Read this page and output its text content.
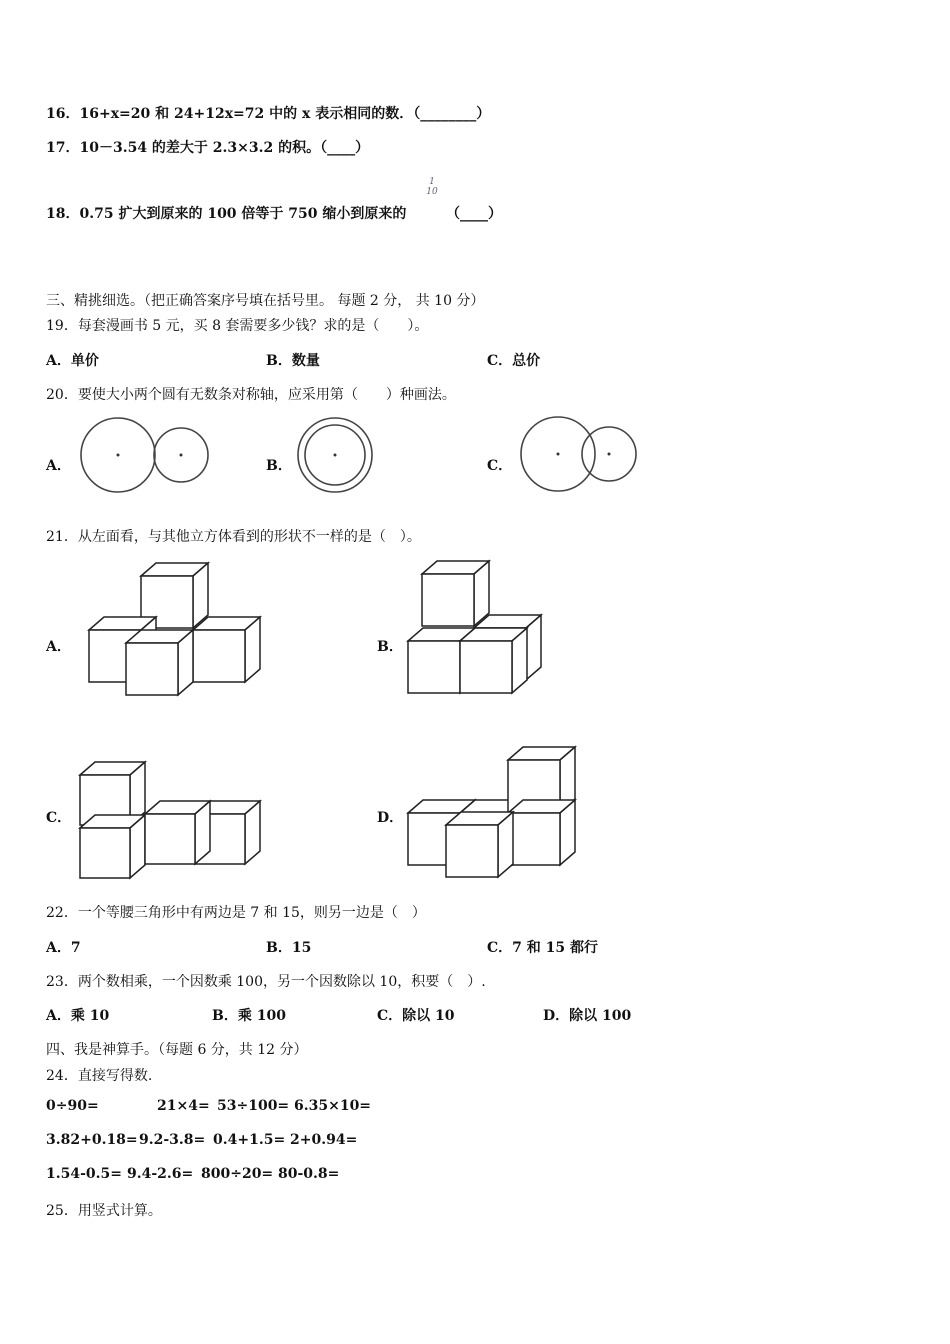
16．16+x=20 和 24+12x=72 中的 x 表示相同的数．（________）
17．10－3.54 的差大于 2.3×3.2 的积。（____）
18．0.75 扩大到原来的 100 倍等于 750 缩小到原来的
1
10
（____）
三、精挑细选。（把正确答案序号填在括号里。 每题 2 分， 共 10 分）
19．每套漫画书 5 元，买 8 套需要多少钱？求的是（　　）。
A．单价	B．数量	C．总价
20．要使大小两个圆有无数条对称轴，应采用第（　　）种画法。
A．	B．	C．
21．从左面看，与其他立方体看到的形状不一样的是（　）。
A．	B．
C．	D．
22．一个等腰三角形中有两边是 7 和 15，则另一边是（　）
A．7	B．15	C．7 和 15 都行
23．两个数相乘，一个因数乘 100，另一个因数除以 10，积要（　）.
A．乘 10	B．乘 100	C．除以 10	D．除以 100
四、我是神算手。（每题 6 分，共 12 分）
24．直接写得数.
0÷90=	21×4= 53÷100= 6.35×10=
3.82+0.18= 9.2-3.8= 0.4+1.5= 2+0.94=
1.54-0.5= 9.4-2.6= 800÷20= 80-0.8=
25．用竖式计算。
